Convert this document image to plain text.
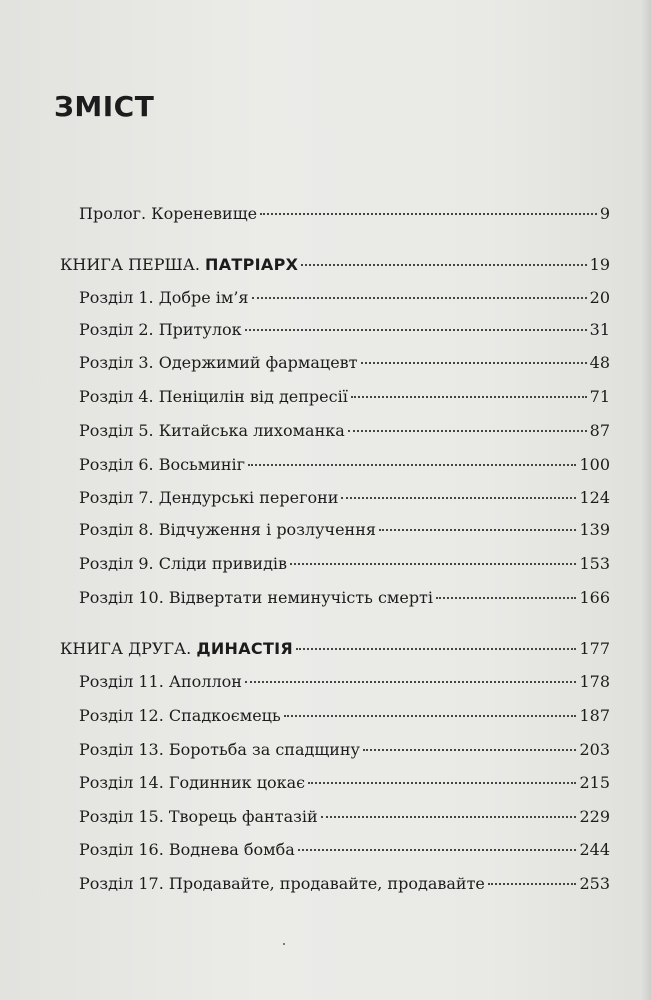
ЗМІСТ
Пролог. Кореневище	9
КНИГА ПЕРША. ПАТРІАРХ	19
Розділ 1. Добре ім’я	20
Розділ 2. Притулок	31
Розділ 3. Одержимий фармацевт	48
Розділ 4. Пеніцилін від депресії	71
Розділ 5. Китайська лихоманка	87
Розділ 6. Восьминіг	100
Розділ 7. Дендурські перегони	124
Розділ 8. Відчуження і розлучення	139
Розділ 9. Сліди привидів	153
Розділ 10. Відвертати неминучість смерті	166
КНИГА ДРУГА. ДИНАСТІЯ	177
Розділ 11. Аполлон	178
Розділ 12. Спадкоємець	187
Розділ 13. Боротьба за спадщину	203
Розділ 14. Годинник цокає	215
Розділ 15. Творець фантазій	229
Розділ 16. Воднева бомба	244
Розділ 17. Продавайте, продавайте, продавайте	253
